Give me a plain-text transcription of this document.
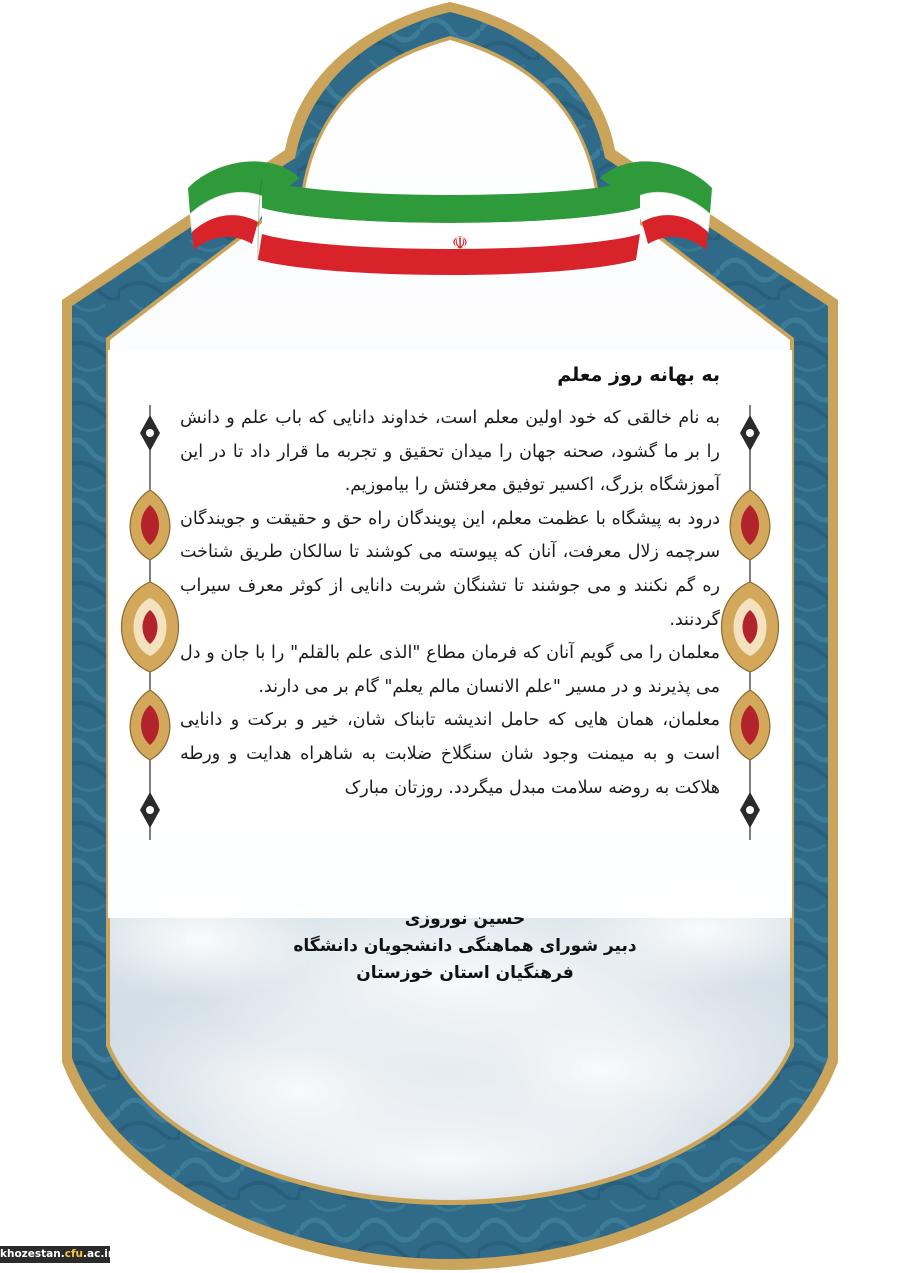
☫
به بهانه روز معلم

به نام خالقی که خود اولین معلم است، خداوند دانایی که باب علم و دانش را بر ما گشود، صحنه جهان را میدان تحقیق و تجربه ما قرار داد تا در این آموزشگاه بزرگ، اکسیر توفیق معرفتش را بیاموزیم.

درود به پیشگاه با عظمت معلم، این پویندگان راه حق و حقیقت و جویندگان سرچمه زلال معرفت، آنان که پیوسته می کوشند تا سالکان طریق شناخت ره گم نکنند و می جوشند تا تشنگان شربت دانایی از کوثر معرف سیراب گردنند.

معلمان را می گویم آنان که فرمان مطاع "الذی علم بالقلم" را با جان و دل می پذیرند و در مسیر "علم الانسان مالم یعلم" گام بر می دارند.

معلمان، همان هایی که حامل اندیشه تابناک شان، خیر و برکت و دانایی است و به میمنت وجود شان سنگلاخ ضلابت به شاهراه هدایت و ورطه هلاکت به روضه سلامت مبدل میگردد. روزتان مبارک

حسین نوروزی
دبیر شورای هماهنگی دانشجویان دانشگاه
فرهنگیان استان خوزستان
khozestan.cfu.ac.ir
